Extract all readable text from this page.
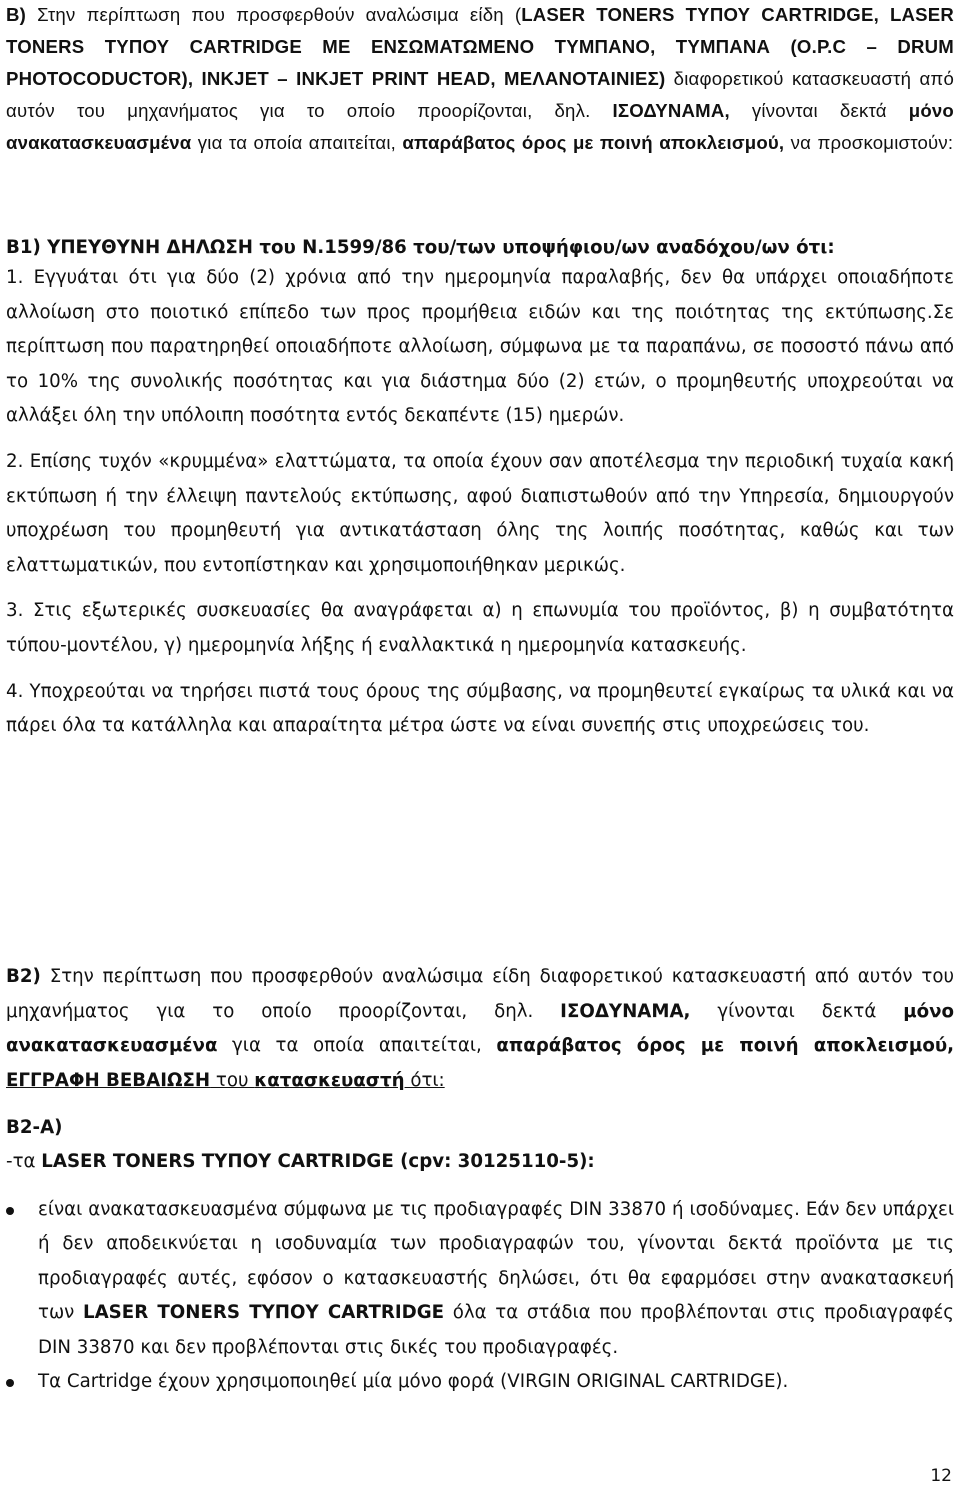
Β) Στην περίπτωση που προσφερθούν αναλώσιμα είδη (LASER TONERS ΤΥΠΟΥ CARTRIDGE, LASER TONERS ΤΥΠΟΥ CARTRIDGE ΜΕ ΕΝΣΩΜΑΤΩΜΕΝΟ ΤΥΜΠΑΝΟ, ΤΥΜΠΑΝΑ (Ο.Ρ.C – DRUM PHOTOCODUCTOR), INKJET – INKJET PRINT HEAD, ΜΕΛΑΝΟΤΑΙΝΙΕΣ) διαφορετικού κατασκευαστή από αυτόν του μηχανήματος για το οποίο προορίζονται, δηλ. ΙΣΟΔΥΝΑΜΑ, γίνονται δεκτά μόνο ανακατασκευασμένα για τα οποία απαιτείται, απαράβατος όρος με ποινή αποκλεισμού, να προσκομιστούν:

Β1) ΥΠΕΥΘΥΝΗ ΔΗΛΩΣΗ του Ν.1599/86 του/των υποψήφιου/ων αναδόχου/ων ότι:

1. Εγγυάται ότι για δύο (2) χρόνια από την ημερομηνία παραλαβής, δεν θα υπάρχει οποιαδήποτε αλλοίωση στο ποιοτικό επίπεδο των προς προμήθεια ειδών και της ποιότητας της εκτύπωσης.Σε περίπτωση που παρατηρηθεί οποιαδήποτε αλλοίωση, σύμφωνα με τα παραπάνω, σε ποσοστό πάνω από το 10% της συνολικής ποσότητας και για διάστημα δύο (2) ετών, ο προμηθευτής υποχρεούται να αλλάξει όλη την υπόλοιπη ποσότητα εντός δεκαπέντε (15) ημερών.

2. Επίσης τυχόν «κρυμμένα» ελαττώματα, τα οποία έχουν σαν αποτέλεσμα την περιοδική τυχαία κακή εκτύπωση ή την έλλειψη παντελούς εκτύπωσης, αφού διαπιστωθούν από την Υπηρεσία, δημιουργούν υποχρέωση του προμηθευτή για αντικατάσταση όλης της λοιπής ποσότητας, καθώς και των ελαττωματικών, που εντοπίστηκαν και χρησιμοποιήθηκαν μερικώς.

3. Στις εξωτερικές συσκευασίες θα αναγράφεται α) η επωνυμία του προϊόντος, β) η συμβατότητα τύπου-μοντέλου, γ) ημερομηνία λήξης ή εναλλακτικά η ημερομηνία κατασκευής.

4. Υποχρεούται να τηρήσει πιστά τους όρους της σύμβασης, να προμηθευτεί εγκαίρως τα υλικά και να πάρει όλα τα κατάλληλα και απαραίτητα μέτρα ώστε να είναι συνεπής στις υποχρεώσεις του.

Β2) Στην περίπτωση που προσφερθούν αναλώσιμα είδη διαφορετικού κατασκευαστή από αυτόν του μηχανήματος για το οποίο προορίζονται, δηλ. ΙΣΟΔΥΝΑΜΑ, γίνονται δεκτά μόνο ανακατασκευασμένα για τα οποία απαιτείται, απαράβατος όρος με ποινή αποκλεισμού, ΕΓΓΡΑΦΗ ΒΕΒΑΙΩΣΗ του κατασκευαστή ότι:

Β2-Α)

-τα LASER TONERS ΤΥΠΟΥ CARTRIDGE (cpv: 30125110-5):

είναι ανακατασκευασμένα σύμφωνα με τις προδιαγραφές DIN 33870 ή ισοδύναμες. Εάν δεν υπάρχει ή δεν αποδεικνύεται η ισοδυναμία των προδιαγραφών του, γίνονται δεκτά προϊόντα με τις προδιαγραφές αυτές, εφόσον ο κατασκευαστής δηλώσει, ότι θα εφαρμόσει στην ανακατασκευή των LASER TONERS ΤΥΠΟΥ CARTRIDGE όλα τα στάδια που προβλέπονται στις προδιαγραφές DIN 33870 και δεν προβλέπονται στις δικές του προδιαγραφές.
Τα Cartridge έχουν χρησιμοποιηθεί μία μόνο φορά (VIRGIN ORIGINAL CARTRIDGE).
12
